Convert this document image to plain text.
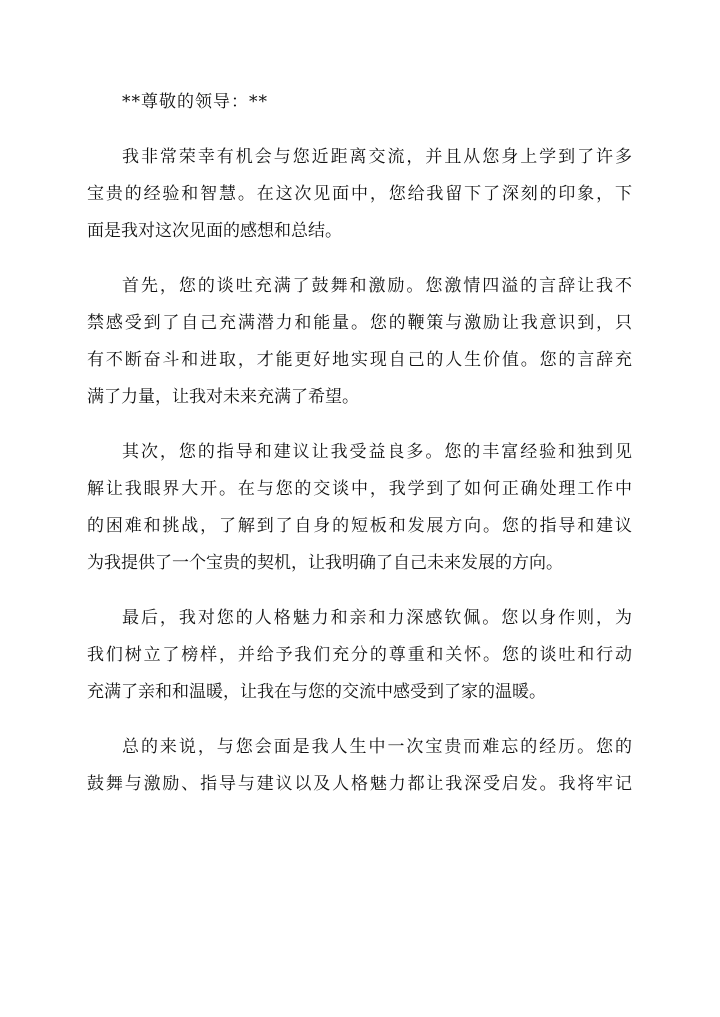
**尊敬的领导：**
我非常荣幸有机会与您近距离交流，并且从您身上学到了许多
宝贵的经验和智慧。在这次见面中，您给我留下了深刻的印象，下
面是我对这次见面的感想和总结。
首先，您的谈吐充满了鼓舞和激励。您激情四溢的言辞让我不
禁感受到了自己充满潜力和能量。您的鞭策与激励让我意识到，只
有不断奋斗和进取，才能更好地实现自己的人生价值。您的言辞充
满了力量，让我对未来充满了希望。
其次，您的指导和建议让我受益良多。您的丰富经验和独到见
解让我眼界大开。在与您的交谈中，我学到了如何正确处理工作中
的困难和挑战，了解到了自身的短板和发展方向。您的指导和建议
为我提供了一个宝贵的契机，让我明确了自己未来发展的方向。
最后，我对您的人格魅力和亲和力深感钦佩。您以身作则，为
我们树立了榜样，并给予我们充分的尊重和关怀。您的谈吐和行动
充满了亲和和温暖，让我在与您的交流中感受到了家的温暖。
总的来说，与您会面是我人生中一次宝贵而难忘的经历。您的
鼓舞与激励、指导与建议以及人格魅力都让我深受启发。我将牢记
